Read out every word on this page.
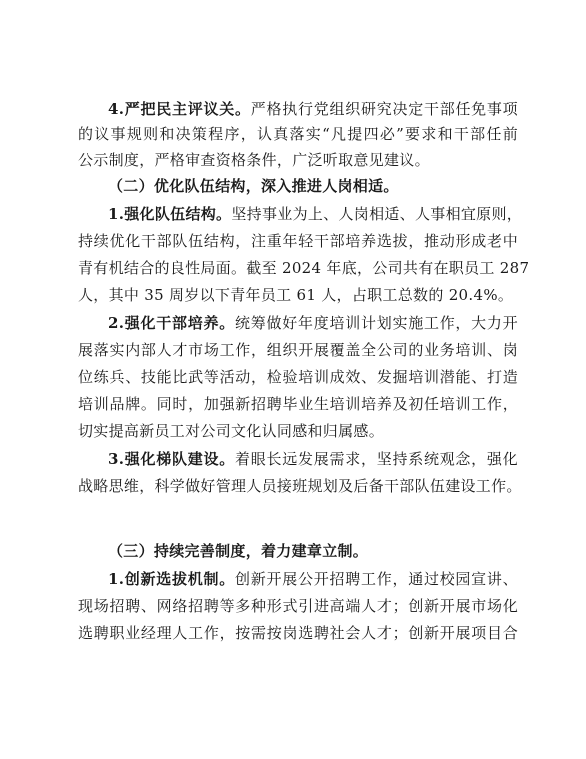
4.严把民主评议关。严格执行党组织研究决定干部任免事项
的议事规则和决策程序，认真落实“凡提四必”要求和干部任前
公示制度，严格审查资格条件，广泛听取意见建议。
（二）优化队伍结构，深入推进人岗相适。
1.强化队伍结构。坚持事业为上、人岗相适、人事相宜原则，
持续优化干部队伍结构，注重年轻干部培养选拔，推动形成老中
青有机结合的良性局面。截至 2024 年底，公司共有在职员工 287
人，其中 35 周岁以下青年员工 61 人，占职工总数的 20.4%。
2.强化干部培养。统筹做好年度培训计划实施工作，大力开
展落实内部人才市场工作，组织开展覆盖全公司的业务培训、岗
位练兵、技能比武等活动，检验培训成效、发掘培训潜能、打造
培训品牌。同时，加强新招聘毕业生培训培养及初任培训工作，
切实提高新员工对公司文化认同感和归属感。
3.强化梯队建设。着眼长远发展需求，坚持系统观念，强化
战略思维，科学做好管理人员接班规划及后备干部队伍建设工作。
（三）持续完善制度，着力建章立制。
1.创新选拔机制。创新开展公开招聘工作，通过校园宣讲、
现场招聘、网络招聘等多种形式引进高端人才；创新开展市场化
选聘职业经理人工作，按需按岗选聘社会人才；创新开展项目合
